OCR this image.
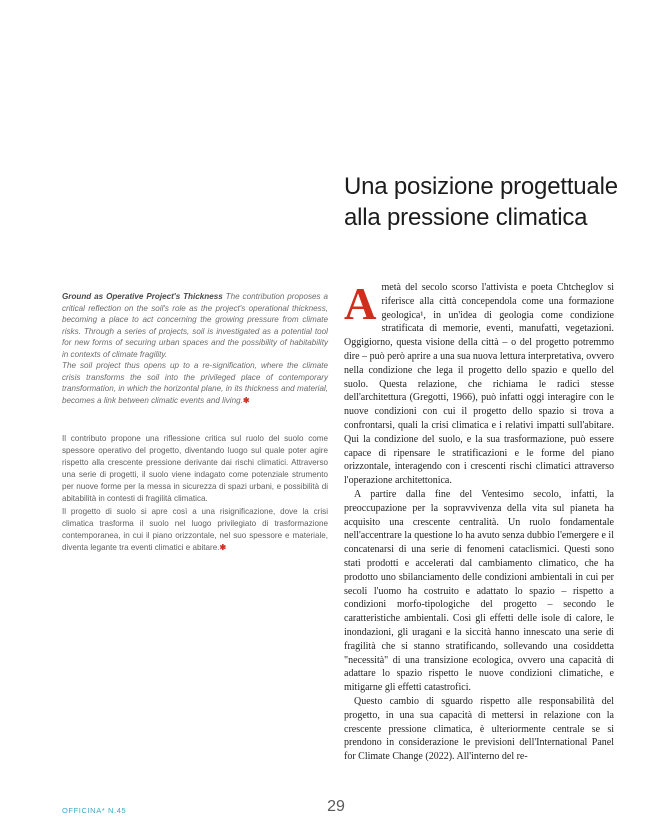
Una posizione progettuale alla pressione climatica

Ground as Operative Project's Thickness The contribution proposes a critical reflection on the soil's role as the project's operational thickness, becoming a place to act concerning the growing pressure from climate risks. Through a series of projects, soil is investigated as a potential tool for new forms of securing urban spaces and the possibility of habitability in contexts of climate fragility.

The soil project thus opens up to a re-signification, where the climate crisis transforms the soil into the privileged place of contemporary transformation, in which the horizontal plane, in its thickness and material, becomes a link between climatic events and living.✱

Il contributo propone una riflessione critica sul ruolo del suolo come spessore operativo del progetto, diventando luogo sul quale poter agire rispetto alla crescente pressione derivante dai rischi climatici. Attraverso una serie di progetti, il suolo viene indagato come potenziale strumento per nuove forme per la messa in sicurezza di spazi urbani, e possibilità di abitabilità in contesti di fragilità climatica.

Il progetto di suolo si apre così a una risignificazione, dove la crisi climatica trasforma il suolo nel luogo privilegiato di trasformazione contemporanea, in cui il piano orizzontale, nel suo spessore e materiale, diventa legante tra eventi climatici e abitare.✱

Ametà del secolo scorso l'attivista e poeta Chtcheglov si riferisce alla città concependola come una formazione geologica¹, in un'idea di geologia come condizione stratificata di memorie, eventi, manufatti, vegetazioni. Oggigiorno, questa visione della città – o del progetto potremmo dire – può però aprire a una sua nuova lettura interpretativa, ovvero nella condizione che lega il progetto dello spazio e quello del suolo. Questa relazione, che richiama le radici stesse dell'architettura (Gregotti, 1966), può infatti oggi interagire con le nuove condizioni con cui il progetto dello spazio si trova a confrontarsi, quali la crisi climatica e i relativi impatti sull'abitare. Qui la condizione del suolo, e la sua trasformazione, può essere capace di ripensare le stratificazioni e le forme del piano orizzontale, interagendo con i crescenti rischi climatici attraverso l'operazione architettonica.

A partire dalla fine del Ventesimo secolo, infatti, la preoccupazione per la sopravvivenza della vita sul pianeta ha acquisito una crescente centralità. Un ruolo fondamentale nell'accentrare la questione lo ha avuto senza dubbio l'emergere e il concatenarsi di una serie di fenomeni cataclismici. Questi sono stati prodotti e accelerati dal cambiamento climatico, che ha prodotto uno sbilanciamento delle condizioni ambientali in cui per secoli l'uomo ha costruito e adattato lo spazio – rispetto a condizioni morfo-tipologiche del progetto – secondo le caratteristiche ambientali. Così gli effetti delle isole di calore, le inondazioni, gli uragani e la siccità hanno innescato una serie di fragilità che si stanno stratificando, sollevando una cosiddetta "necessità" di una transizione ecologica, ovvero una capacità di adattare lo spazio rispetto le nuove condizioni climatiche, e mitigarne gli effetti catastrofici.

Questo cambio di sguardo rispetto alle responsabilità del progetto, in una sua capacità di mettersi in relazione con la crescente pressione climatica, è ulteriormente centrale se si prendono in considerazione le previsioni dell'International Panel for Climate Change (2022). All'interno del re-

OFFICINA* N.45	29
